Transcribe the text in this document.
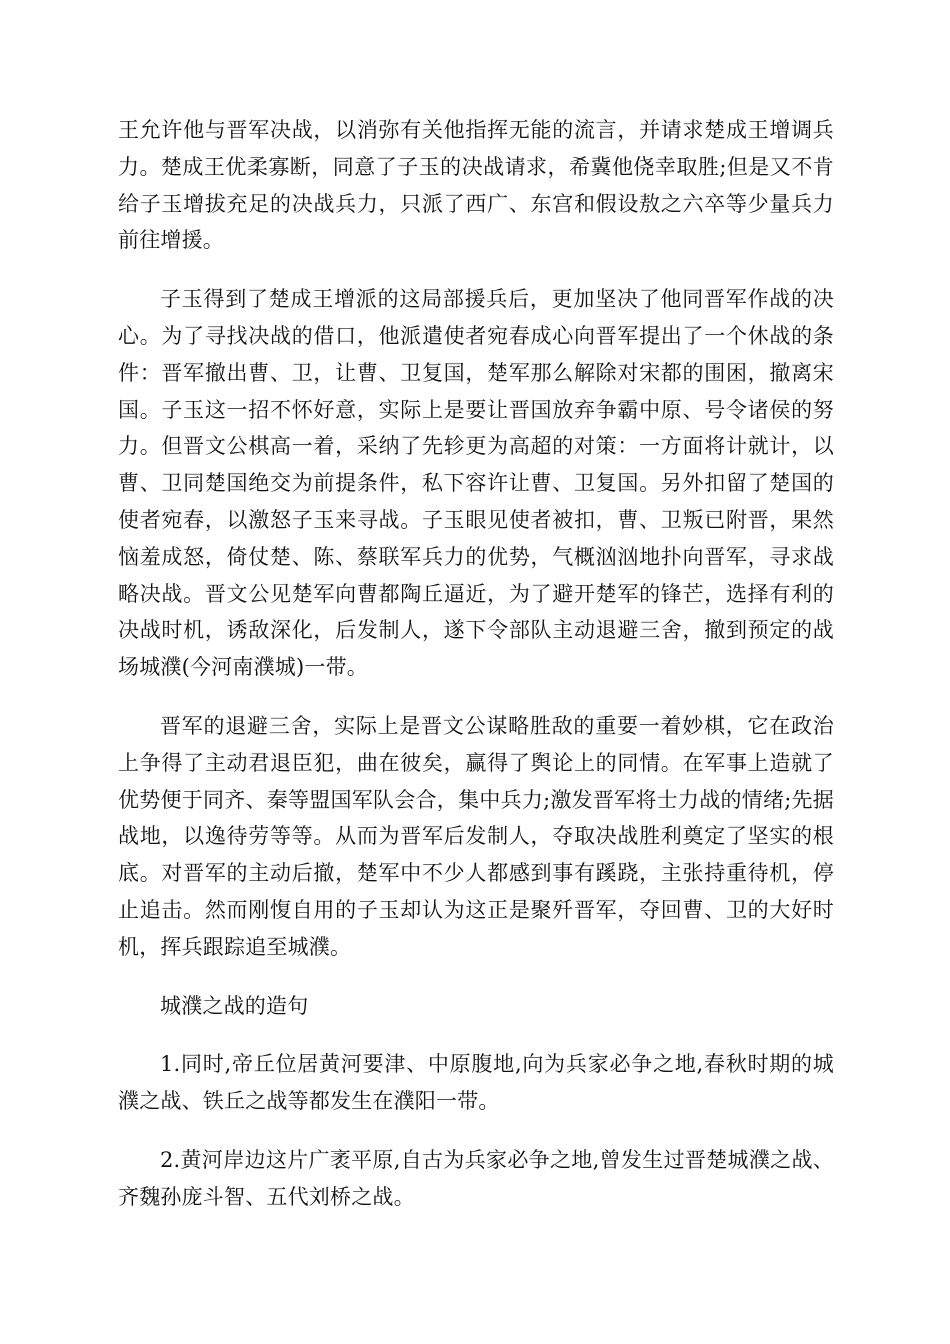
王允许他与晋军决战，以消弥有关他指挥无能的流言，并请求楚成王增调兵力。楚成王优柔寡断，同意了子玉的决战请求，希冀他侥幸取胜;但是又不肯给子玉增拔充足的决战兵力，只派了西广、东宫和假设敖之六卒等少量兵力前往增援。

子玉得到了楚成王增派的这局部援兵后，更加坚决了他同晋军作战的决心。为了寻找决战的借口，他派遣使者宛春成心向晋军提出了一个休战的条件：晋军撤出曹、卫，让曹、卫复国，楚军那么解除对宋都的围困，撤离宋国。子玉这一招不怀好意，实际上是要让晋国放弃争霸中原、号令诸侯的努力。但晋文公棋高一着，采纳了先轸更为高超的对策：一方面将计就计，以曹、卫同楚国绝交为前提条件，私下容许让曹、卫复国。另外扣留了楚国的使者宛春，以激怒子玉来寻战。子玉眼见使者被扣，曹、卫叛已附晋，果然恼羞成怒，倚仗楚、陈、蔡联军兵力的优势，气概汹汹地扑向晋军，寻求战略决战。晋文公见楚军向曹都陶丘逼近，为了避开楚军的锋芒，选择有利的决战时机，诱敌深化，后发制人，遂下令部队主动退避三舍，撤到预定的战场城濮(今河南濮城)一带。

晋军的退避三舍，实际上是晋文公谋略胜敌的重要一着妙棋，它在政治上争得了主动君退臣犯，曲在彼矣，赢得了舆论上的同情。在军事上造就了优势便于同齐、秦等盟国军队会合，集中兵力;激发晋军将士力战的情绪;先据战地，以逸待劳等等。从而为晋军后发制人，夺取决战胜利奠定了坚实的根底。对晋军的主动后撤，楚军中不少人都感到事有蹊跷，主张持重待机，停止追击。然而刚愎自用的子玉却认为这正是聚歼晋军，夺回曹、卫的大好时机，挥兵跟踪追至城濮。

城濮之战的造句

1.同时,帝丘位居黄河要津、中原腹地,向为兵家必争之地,春秋时期的城濮之战、铁丘之战等都发生在濮阳一带。

2.黄河岸边这片广袤平原,自古为兵家必争之地,曾发生过晋楚城濮之战、齐魏孙庞斗智、五代刘桥之战。
